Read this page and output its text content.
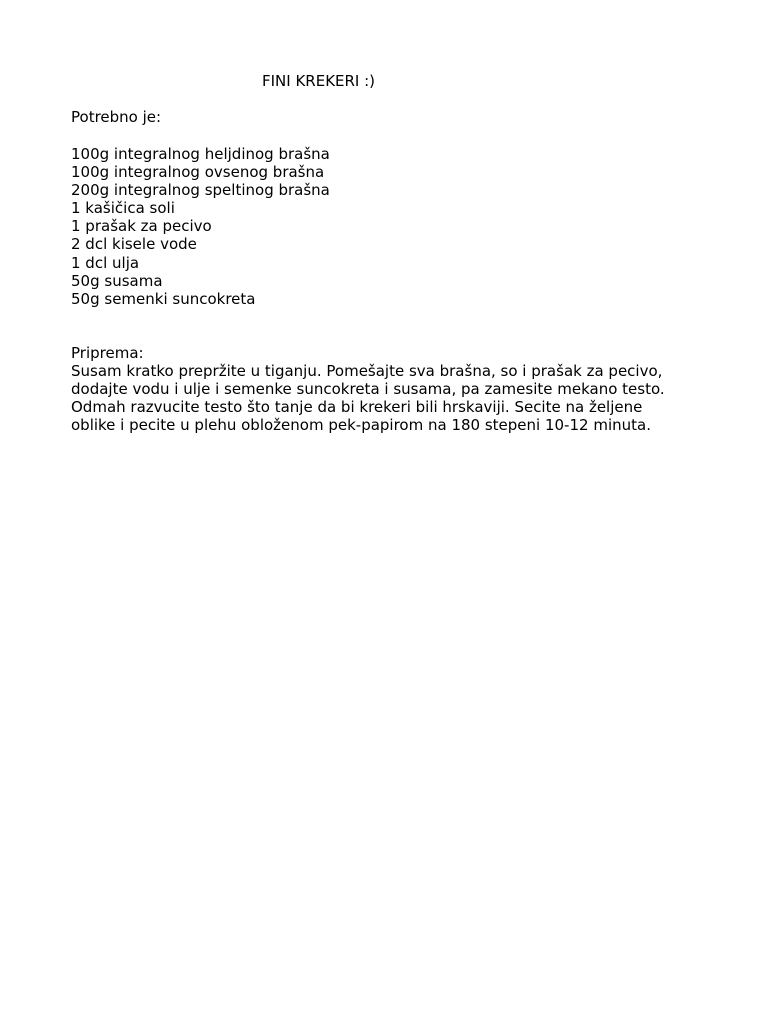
FINI KREKERI :)
Potrebno je:
100g integralnog heljdinog brašna
100g integralnog ovsenog brašna
200g integralnog speltinog brašna
1 kašičica soli
1 prašak za pecivo
2 dcl kisele vode
1 dcl ulja
50g susama
50g semenki suncokreta
Priprema:

Susam kratko prepržite u tiganju. Pomešajte sva brašna, so i prašak za pecivo,
dodajte vodu i ulje i semenke suncokreta i susama, pa zamesite mekano testo.
Odmah razvucite testo što tanje da bi krekeri bili hrskaviji. Secite na željene
oblike i pecite u plehu obloženom pek-papirom na 180 stepeni 10-12 minuta.
